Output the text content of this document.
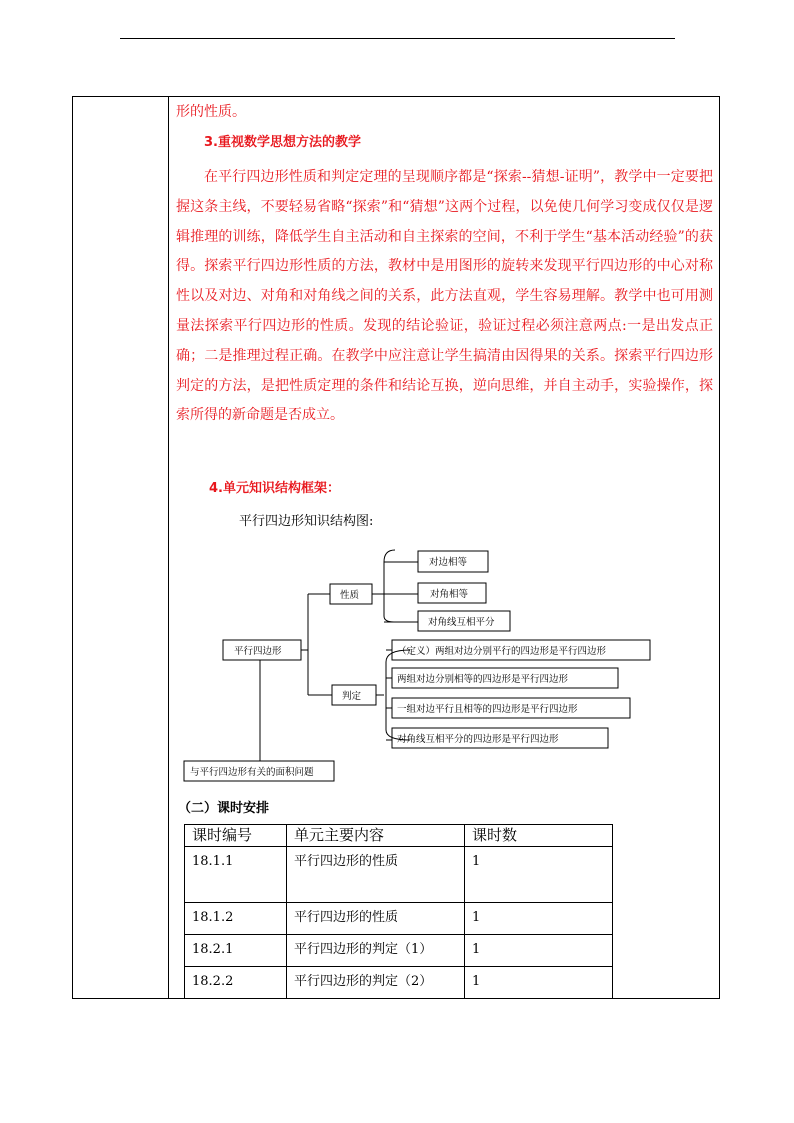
形的性质。
3.重视数学思想方法的教学
在平行四边形性质和判定定理的呈现顺序都是“探索--猜想-证明”，教学中一定要把握这条主线，不要轻易省略“探索”和“猜想”这两个过程，以免使几何学习变成仅仅是逻辑推理的训练，降低学生自主活动和自主探索的空间，不利于学生“基本活动经验”的获得。探索平行四边形性质的方法，教材中是用图形的旋转来发现平行四边形的中心对称性以及对边、对角和对角线之间的关系，此方法直观，学生容易理解。教学中也可用测量法探索平行四边形的性质。发现的结论验证，验证过程必须注意两点:一是出发点正确；二是推理过程正确。在教学中应注意让学生搞清由因得果的关系。探索平行四边形判定的方法，是把性质定理的条件和结论互换，逆向思维，并自主动手，实验操作，探索所得的新命题是否成立。
4.单元知识结构框架：
平行四边形知识结构图:
平行四边形
性质
判定
对边相等
对角相等
对角线互相平分
（定义）两组对边分别平行的四边形是平行四边形
两组对边分别相等的四边形是平行四边形
一组对边平行且相等的四边形是平行四边形
对角线互相平分的四边形是平行四边形
与平行四边形有关的面积问题
（二）课时安排
课时编号	单元主要内容	课时数
18.1.1	平行四边形的性质	1
18.1.2	平行四边形的性质	1
18.2.1	平行四边形的判定（1）	1
18.2.2	平行四边形的判定（2）	1
